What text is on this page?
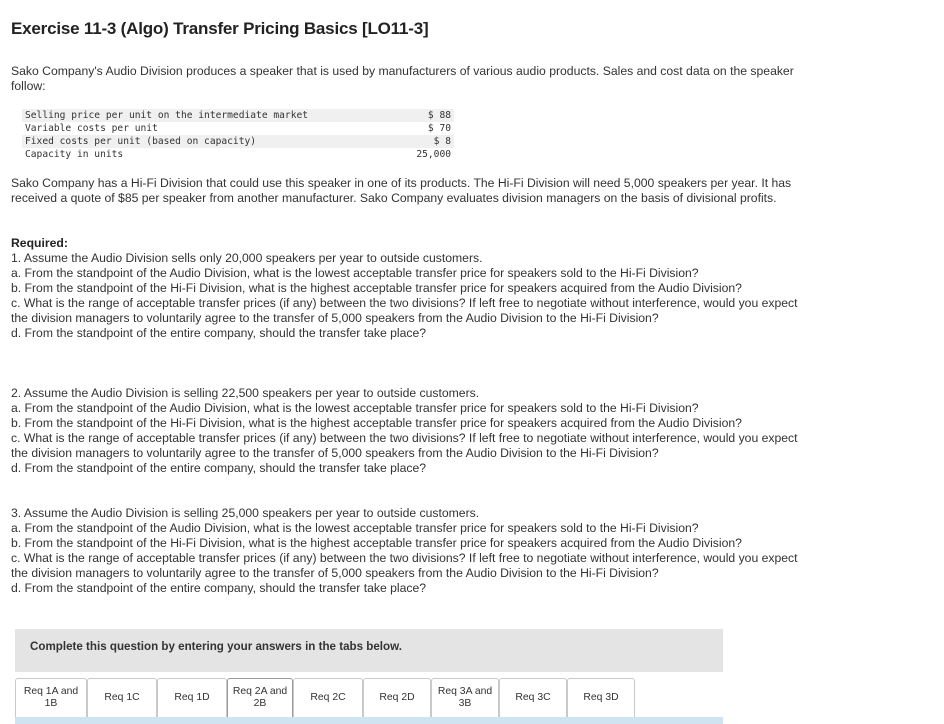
Exercise 11-3 (Algo) Transfer Pricing Basics [LO11-3]

Sako Company's Audio Division produces a speaker that is used by manufacturers of various audio products. Sales and cost data on the speaker follow:

Selling price per unit on the intermediate market	$ 88
Variable costs per unit	$ 70
Fixed costs per unit (based on capacity)	$ 8
Capacity in units	25,000

Sako Company has a Hi-Fi Division that could use this speaker in one of its products. The Hi-Fi Division will need 5,000 speakers per year. It has received a quote of $85 per speaker from another manufacturer. Sako Company evaluates division managers on the basis of divisional profits.

Required:

1. Assume the Audio Division sells only 20,000 speakers per year to outside customers.

a. From the standpoint of the Audio Division, what is the lowest acceptable transfer price for speakers sold to the Hi-Fi Division?

b. From the standpoint of the Hi-Fi Division, what is the highest acceptable transfer price for speakers acquired from the Audio Division?

c. What is the range of acceptable transfer prices (if any) between the two divisions? If left free to negotiate without interference, would you expect the division managers to voluntarily agree to the transfer of 5,000 speakers from the Audio Division to the Hi-Fi Division?

d. From the standpoint of the entire company, should the transfer take place?

2. Assume the Audio Division is selling 22,500 speakers per year to outside customers.

a. From the standpoint of the Audio Division, what is the lowest acceptable transfer price for speakers sold to the Hi-Fi Division?

b. From the standpoint of the Hi-Fi Division, what is the highest acceptable transfer price for speakers acquired from the Audio Division?

c. What is the range of acceptable transfer prices (if any) between the two divisions? If left free to negotiate without interference, would you expect the division managers to voluntarily agree to the transfer of 5,000 speakers from the Audio Division to the Hi-Fi Division?

d. From the standpoint of the entire company, should the transfer take place?

3. Assume the Audio Division is selling 25,000 speakers per year to outside customers.

a. From the standpoint of the Audio Division, what is the lowest acceptable transfer price for speakers sold to the Hi-Fi Division?

b. From the standpoint of the Hi-Fi Division, what is the highest acceptable transfer price for speakers acquired from the Audio Division?

c. What is the range of acceptable transfer prices (if any) between the two divisions? If left free to negotiate without interference, would you expect the division managers to voluntarily agree to the transfer of 5,000 speakers from the Audio Division to the Hi-Fi Division?

d. From the standpoint of the entire company, should the transfer take place?

Complete this question by entering your answers in the tabs below.
Req 1A and 1B
Req 1C	Req 1D
Req 2A and 2B
Req 2C	Req 2D
Req 3A and 3B
Req 3C	Req 3D
